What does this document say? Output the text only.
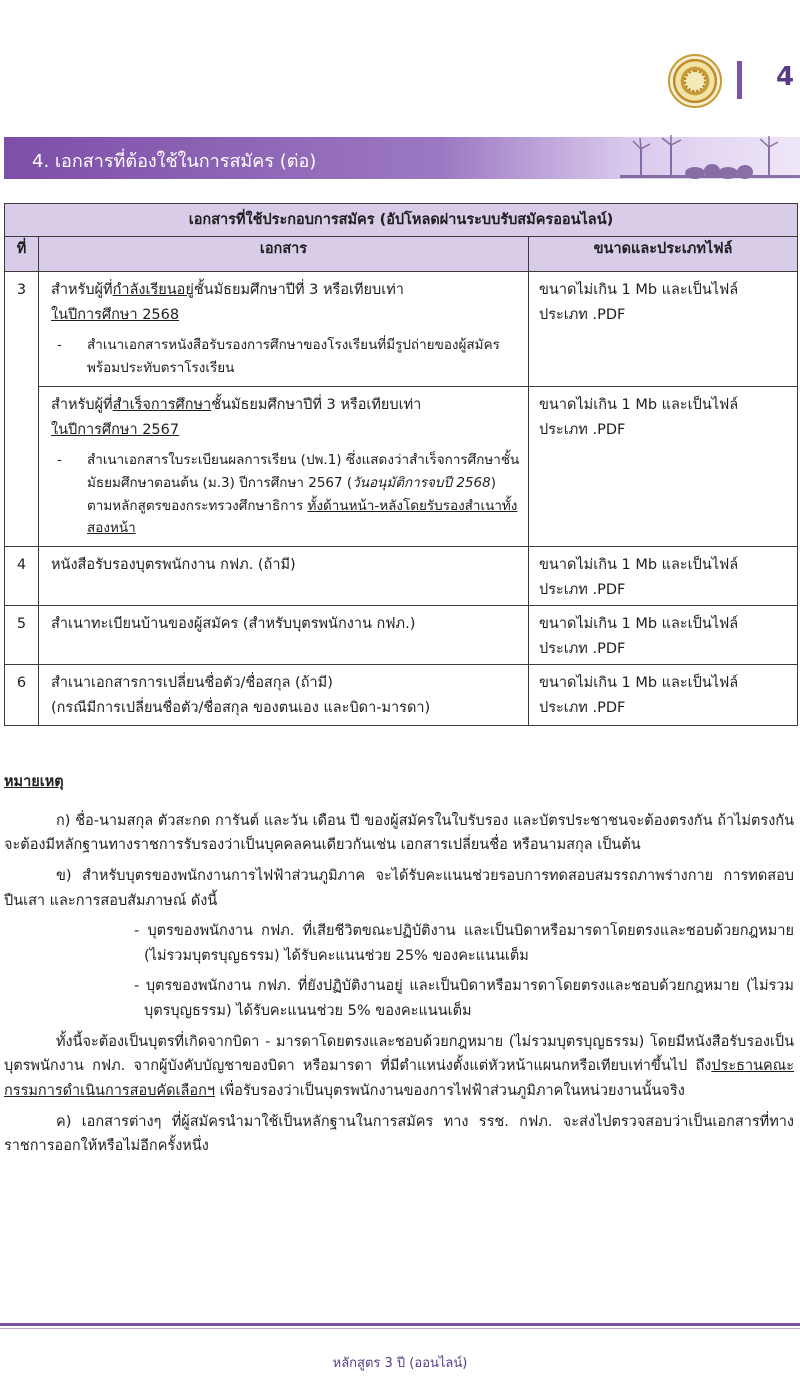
4
4. เอกสารที่ต้องใช้ในการสมัคร (ต่อ)
เอกสารที่ใช้ประกอบการสมัคร (อัปโหลดผ่านระบบรับสมัครออนไลน์)		
ที่	เอกสาร	ขนาดและประเภทไฟล์
3	สำหรับผู้ที่กำลังเรียนอยู่ชั้นมัธยมศึกษาปีที่ 3 หรือเทียบเท่า
ในปีการศึกษา 2568
- สำเนาเอกสารหนังสือรับรองการศึกษาของโรงเรียนที่มีรูปถ่ายของผู้สมัครพร้อมประทับตราโรงเรียน	ขนาดไม่เกิน 1 Mb และเป็นไฟล์
ประเภท .PDF
	สำหรับผู้ที่สำเร็จการศึกษาชั้นมัธยมศึกษาปีที่ 3 หรือเทียบเท่า
ในปีการศึกษา 2567
- สำเนาเอกสารใบระเบียนผลการเรียน (ปพ.1) ซึ่งแสดงว่าสำเร็จการศึกษาชั้นมัธยมศึกษาตอนต้น (ม.3) ปีการศึกษา 2567 (วันอนุมัติการจบปี 2568) ตามหลักสูตรของกระทรวงศึกษาธิการ ทั้งด้านหน้า-หลังโดยรับรองสำเนาทั้งสองหน้า	ขนาดไม่เกิน 1 Mb และเป็นไฟล์
ประเภท .PDF
4	หนังสือรับรองบุตรพนักงาน กฟภ. (ถ้ามี)	ขนาดไม่เกิน 1 Mb และเป็นไฟล์
ประเภท .PDF
5	สำเนาทะเบียนบ้านของผู้สมัคร (สำหรับบุตรพนักงาน กฟภ.)	ขนาดไม่เกิน 1 Mb และเป็นไฟล์
ประเภท .PDF
6	สำเนาเอกสารการเปลี่ยนชื่อตัว/ชื่อสกุล (ถ้ามี)
(กรณีมีการเปลี่ยนชื่อตัว/ชื่อสกุล ของตนเอง และบิดา-มารดา)	ขนาดไม่เกิน 1 Mb และเป็นไฟล์
ประเภท .PDF

หมายเหตุ

ก) ชื่อ-นามสกุล ตัวสะกด การันต์ และวัน เดือน ปี ของผู้สมัครในใบรับรอง และบัตรประชาชนจะต้องตรงกัน ถ้าไม่ตรงกันจะต้องมีหลักฐานทางราชการรับรองว่าเป็นบุคคลคนเดียวกันเช่น เอกสารเปลี่ยนชื่อ หรือนามสกุล เป็นต้น

ข) สำหรับบุตรของพนักงานการไฟฟ้าส่วนภูมิภาค จะได้รับคะแนนช่วยรอบการทดสอบสมรรถภาพร่างกาย การทดสอบปืนเสา และการสอบสัมภาษณ์ ดังนี้

- บุตรของพนักงาน กฟภ. ที่เสียชีวิตขณะปฏิบัติงาน และเป็นบิดาหรือมารดาโดยตรงและชอบด้วยกฎหมาย (ไม่รวมบุตรบุญธรรม) ได้รับคะแนนช่วย 25% ของคะแนนเต็ม

- บุตรของพนักงาน กฟภ. ที่ยังปฏิบัติงานอยู่ และเป็นบิดาหรือมารดาโดยตรงและชอบด้วยกฎหมาย (ไม่รวมบุตรบุญธรรม) ได้รับคะแนนช่วย 5% ของคะแนนเต็ม

ทั้งนี้จะต้องเป็นบุตรที่เกิดจากบิดา - มารดาโดยตรงและชอบด้วยกฎหมาย (ไม่รวมบุตรบุญธรรม) โดยมีหนังสือรับรองเป็นบุตรพนักงาน กฟภ. จากผู้บังคับบัญชาของบิดา หรือมารดา ที่มีตำแหน่งตั้งแต่หัวหน้าแผนกหรือเทียบเท่าขึ้นไป ถึงประธานคณะกรรมการดำเนินการสอบคัดเลือกฯ เพื่อรับรองว่าเป็นบุตรพนักงานของการไฟฟ้าส่วนภูมิภาคในหน่วยงานนั้นจริง

ค) เอกสารต่างๆ ที่ผู้สมัครนำมาใช้เป็นหลักฐานในการสมัคร ทาง รรช. กฟภ. จะส่งไปตรวจสอบว่าเป็นเอกสารที่ทางราชการออกให้หรือไม่อีกครั้งหนึ่ง

หลักสูตร 3 ปี (ออนไลน์)
